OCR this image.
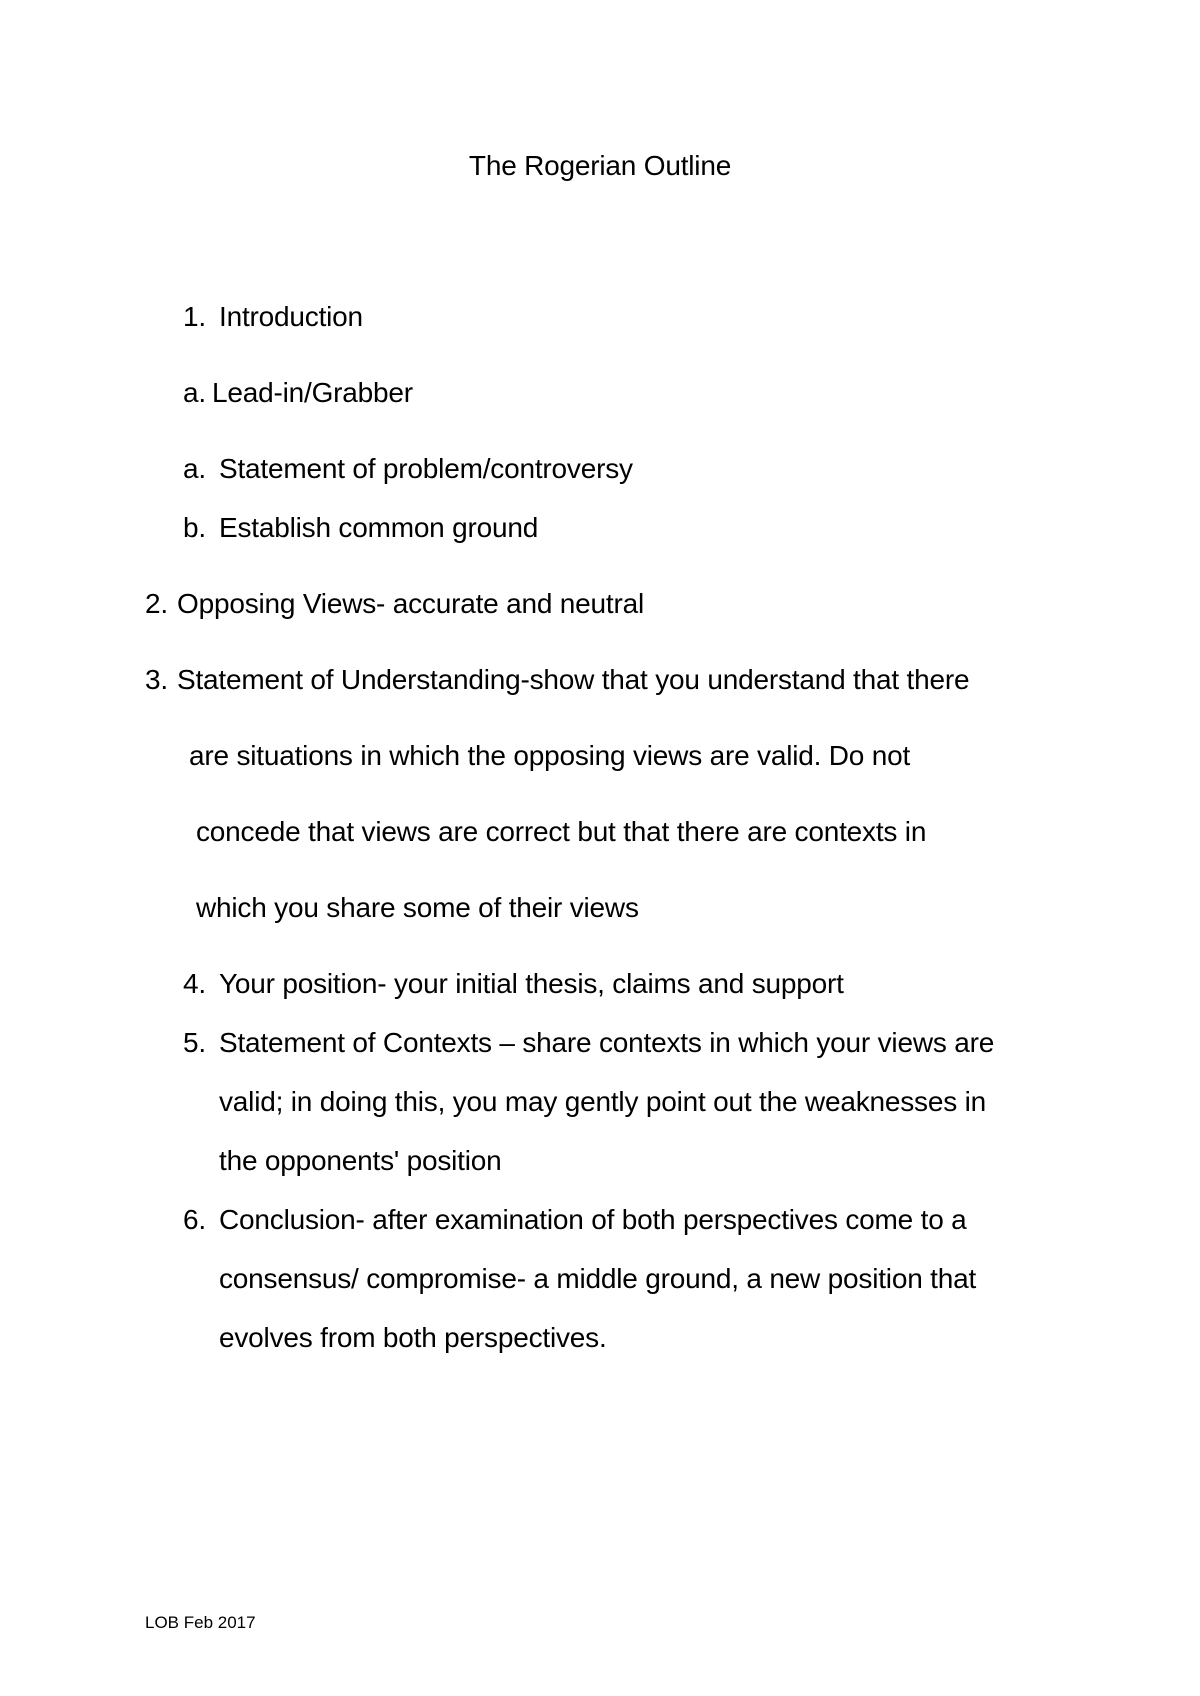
The Rogerian Outline
1. Introduction
a. Lead-in/Grabber
a. Statement of problem/controversy
b. Establish common ground
2. Opposing Views- accurate and neutral
3. Statement of Understanding-show that you understand that there
are situations in which the opposing views are valid. Do not
concede that views are correct but that there are contexts in
which you share some of their views
4. Your position- your initial thesis, claims and support
5. Statement of Contexts – share contexts in which your views are
valid; in doing this, you may gently point out the weaknesses in
the opponents' position
6. Conclusion- after examination of both perspectives come to a
consensus/ compromise- a middle ground, a new position that
evolves from both perspectives.
LOB Feb 2017
